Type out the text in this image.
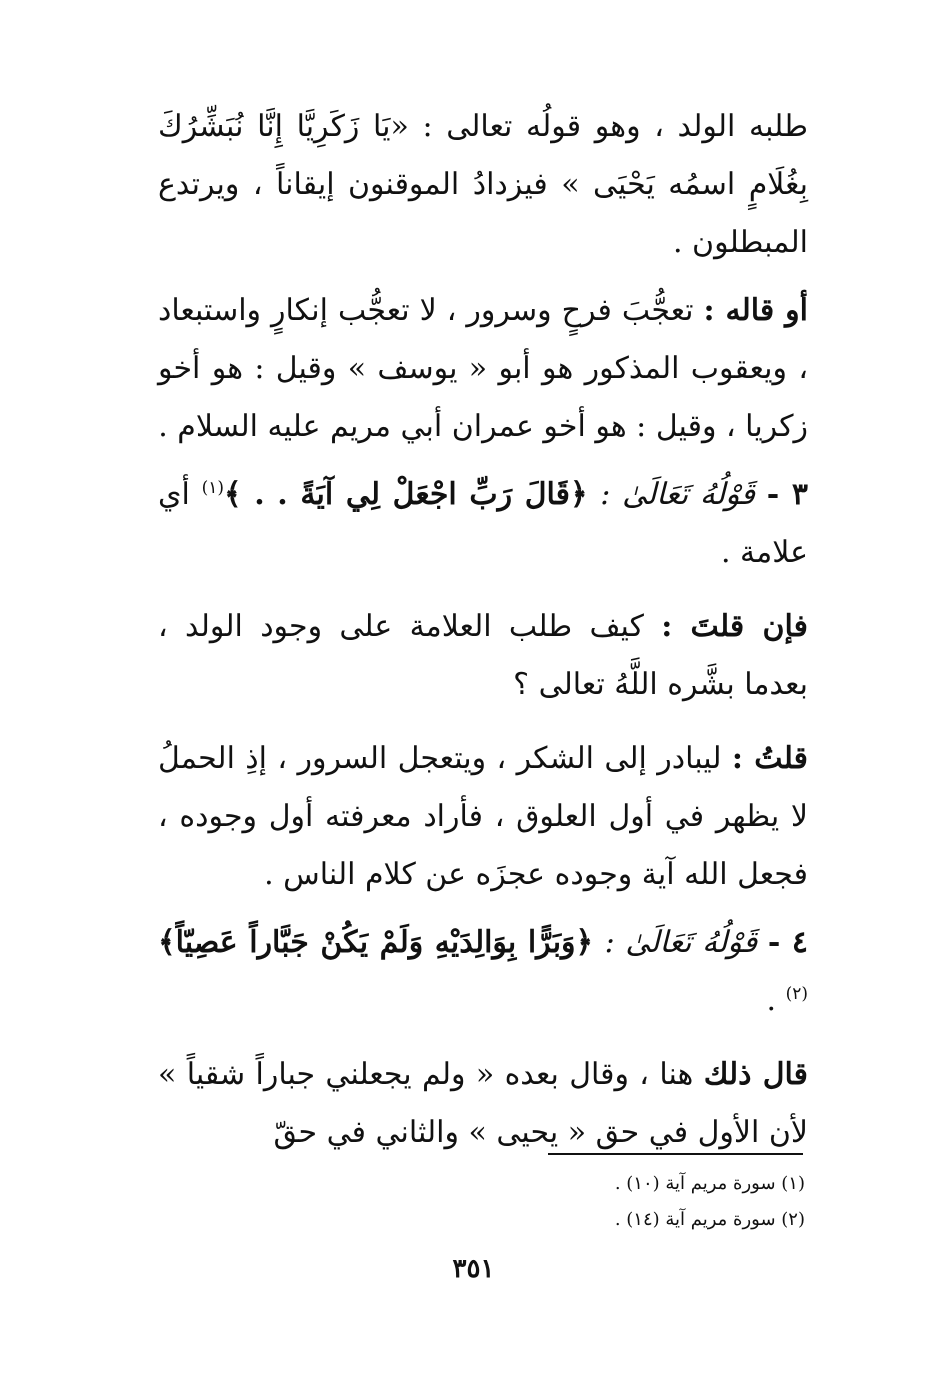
طلبه الولد ، وهو قولُه تعالى : «يَا زَكَرِيَّا إِنَّا نُبَشِّرُكَ بِغُلَامٍ اسمُه يَحْيَى » فيزدادُ الموقنون إيقاناً ، ويرتدع المبطلون .

أو قاله : تعجُّبَ فرحٍ وسرور ، لا تعجُّب إنكارٍ واستبعاد ، ويعقوب المذكور هو أبو « يوسف » وقيل : هو أخو زكريا ، وقيل : هو أخو عمران أبي مريم عليه السلام .

٣ - قَوْلُهُ تَعَالَىٰ : ﴿قَالَ رَبِّ اجْعَلْ لِي آيَةً . . ﴾$^{(١)}$ أي علامة .

فإن قلتَ : كيف طلب العلامة على وجود الولد ، بعدما بشَّره اللَّهُ تعالى ؟

قلتُ : ليبادر إلى الشكر ، ويتعجل السرور ، إذِ الحملُ لا يظهر في أول العلوق ، فأراد معرفته أول وجوده ، فجعل الله آية وجوده عجزَه عن كلام الناس .

٤ - قَوْلُهُ تَعَالَىٰ : ﴿وَبَرًّا بِوَالِدَيْهِ وَلَمْ يَكُنْ جَبَّاراً عَصِيّاً﴾$^{(٢)}$ .

قال ذلك هنا ، وقال بعده « ولم يجعلني جباراً شقياً » لأن الأول في حق « يحيى » والثاني في حقّ

(١) سورة مريم آية (١٠) .
(٢) سورة مريم آية (١٤) .
٣٥١
